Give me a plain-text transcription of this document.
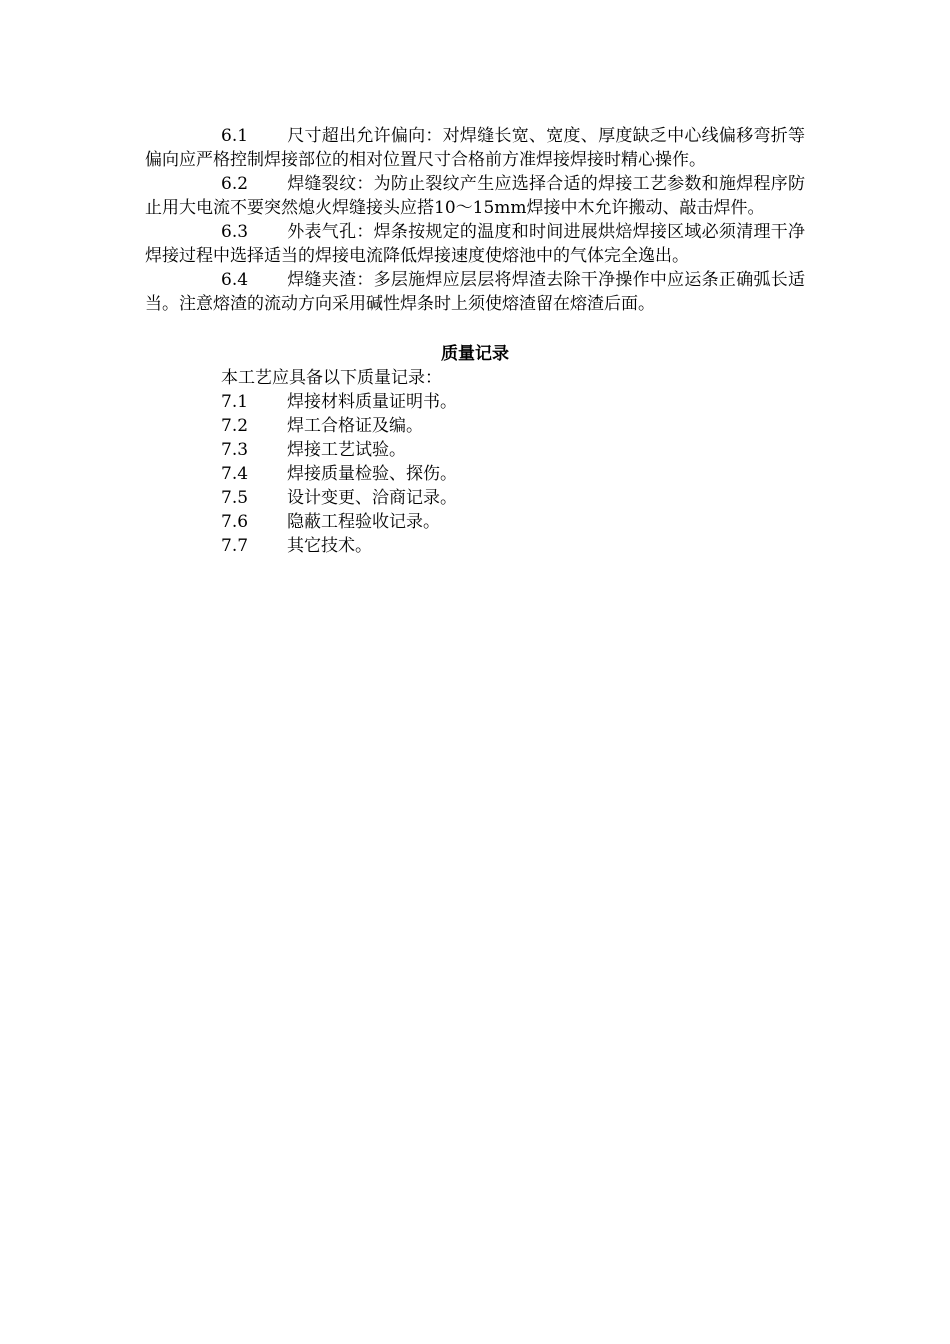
6.1 尺寸超出允许偏向：对焊缝长宽、宽度、厚度缺乏中心线偏移弯折等偏向应严格控制焊接部位的相对位置尺寸合格前方准焊接焊接时精心操作。

6.2 焊缝裂纹：为防止裂纹产生应选择合适的焊接工艺参数和施焊程序防止用大电流不要突然熄火焊缝接头应搭10～15mm焊接中木允许搬动、敲击焊件。

6.3 外表气孔：焊条按规定的温度和时间进展烘焙焊接区域必须清理干净焊接过程中选择适当的焊接电流降低焊接速度使熔池中的气体完全逸出。

6.4 焊缝夹渣：多层施焊应层层将焊渣去除干净操作中应运条正确弧长适当。注意熔渣的流动方向采用碱性焊条时上须使熔渣留在熔渣后面。

质量记录
本工艺应具备以下质量记录：
7.1 焊接材料质量证明书。
7.2 焊工合格证及编。
7.3 焊接工艺试验。
7.4 焊接质量检验、探伤。
7.5 设计变更、洽商记录。
7.6 隐蔽工程验收记录。
7.7 其它技术。
